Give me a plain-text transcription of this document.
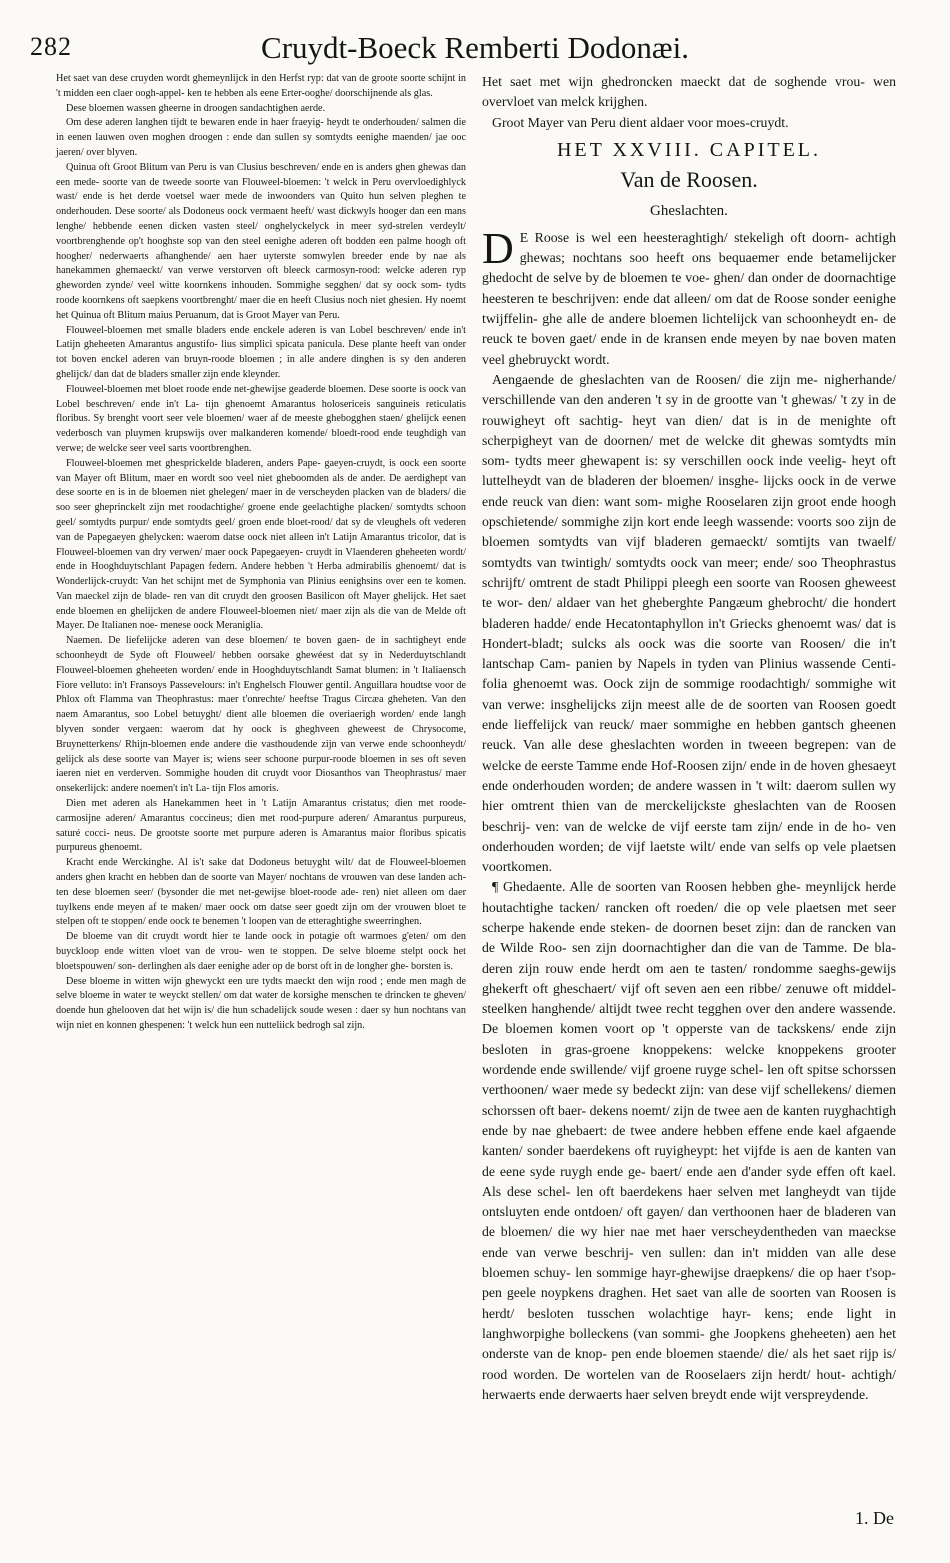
282	Cruydt-Boeck Remberti Dodonæi.

Het saet van dese cruyden wordt ghemeynlijck in den Herfst ryp: dat van de groote soorte schijnt in 't midden een claer oogh-appel- ken te hebben als eene Erter-ooghe/ doorschijnende als glas.

Dese bloemen wassen gheerne in droogen sandachtighen aerde.

Om dese aderen langhen tijdt te bewaren ende in haer fraeyig- heydt te onderhouden/ salmen die in eenen lauwen oven moghen droogen : ende dan sullen sy somtydts eenighe maenden/ jae ooc jaeren/ over blyven.

Quinua oft Groot Blitum van Peru is van Clusius beschreven/ ende en is anders ghen ghewas dan een mede- soorte van de tweede soorte van Flouweel-bloemen: 't welck in Peru overvloedighlyck wast/ ende is het derde voetsel waer mede de inwoonders van Quito hun selven pleghen te onderhouden. Dese soorte/ als Dodoneus oock vermaent heeft/ wast dickwyls hooger dan een mans lenghe/ hebbende eenen dicken vasten steel/ onghelyckelyck in meer syd-strelen verdeylt/ voortbrenghende op't hooghste sop van den steel eenighe aderen oft bodden een palme hoogh oft hoogher/ nederwaerts afhanghende/ aen haer uyterste somwylen breeder ende by nae als hanekammen ghemaeckt/ van verwe verstorven oft bleeck carmosyn-rood: welcke aderen ryp gheworden zynde/ veel witte koornkens inhouden. Sommighe segghen/ dat sy oock som- tydts roode koornkens oft saepkens voortbrenght/ maer die en heeft Clusius noch niet ghesien. Hy noemt het Quinua oft Blitum maius Peruanum, dat is Groot Mayer van Peru.

Flouweel-bloemen met smalle bladers ende enckele aderen is van Lobel beschreven/ ende in't Latijn gheheeten Amarantus angustifo- lius simplici spicata panicula. Dese plante heeft van onder tot boven enckel aderen van bruyn-roode bloemen ; in alle andere dinghen is sy den anderen ghelijck/ dan dat de bladers smaller zijn ende kleynder.

Flouweel-bloemen met bloet roode ende net-ghewijse geaderde bloemen. Dese soorte is oock van Lobel beschreven/ ende in't La- tijn ghenoemt Amarantus holosericeis sanguineis reticulatis floribus. Sy brenght voort seer vele bloemen/ waer af de meeste ghebogghen staen/ ghelijck eenen vederbosch van pluymen krupswijs over malkanderen komende/ bloedt-rood ende teughdigh van verwe; de welcke seer veel sarts voortbrenghen.

Flouweel-bloemen met ghesprickelde bladeren, anders Pape- gaeyen-cruydt, is oock een soorte van Mayer oft Blitum, maer en wordt soo veel niet gheboomden als de ander. De aerdighept van dese soorte en is in de bloemen niet ghelegen/ maer in de verscheyden placken van de bladers/ die soo seer gheprinckelt zijn met roodachtighe/ groene ende geelachtighe placken/ somtydts schoon geel/ somtydts purpur/ ende somtydts geel/ groen ende bloet-rood/ dat sy de vleughels oft vederen van de Papegaeyen ghelycken: waerom datse oock niet alleen in't Latijn Amarantus tricolor, dat is Flouweel-bloemen van dry verwen/ maer oock Papegaeyen- cruydt in Vlaenderen gheheeten wordt/ ende in Hooghduytschlant Papagen federn. Andere hebben 't Herba admirabilis ghenoemt/ dat is Wonderlijck-cruydt: Van het schijnt met de Symphonia van Plinius eenighsins over een te komen. Van maeckel zijn de blade- ren van dit cruydt den groosen Basilicon oft Mayer ghelijck. Het saet ende bloemen en ghelijcken de andere Flouweel-bloemen niet/ maer zijn als die van de Melde oft Mayer. De Italianen noe- menese oock Meraniglia.

Naemen. De liefelijcke aderen van dese bloemen/ te boven gaen- de in sachtigheyt ende schoonheydt de Syde oft Flouweel/ hebben oorsake ghewéest dat sy in Nederduytschlandt Flouweel-bloemen gheheeten worden/ ende in Hooghduytschlandt Samat blumen: in 't Italiaensch Fiore velluto: in't Fransoys Passevelours: in't Enghelsch Flouwer gentil. Anguillara houdtse voor de Phlox oft Flamma van Theophrastus: maer t'onrechte/ heeftse Tragus Circæa gheheten. Van den naem Amarantus, soo Lobel betuyght/ dient alle bloemen die overiaerigh worden/ ende langh blyven sonder vergaen: waerom dat hy oock is gheghveen gheweest de Chrysocome, Bruynetterkens/ Rhijn-bloemen ende andere die vasthoudende zijn van verwe ende schoonheydt/ gelijck als dese soorte van Mayer is; wiens seer schoone purpur-roode bloemen in ses oft seven iaeren niet en verderven. Sommighe houden dit cruydt voor Diosanthos van Theophrastus/ maer onsekerlijck: andere noemen't in't La- tijn Flos amoris.

Dien met aderen als Hanekammen heet in 't Latijn Amarantus cristatus; dien met roode-carmosijne aderen/ Amarantus coccineus; dien met rood-purpure aderen/ Amarantus purpureus, saturé cocci- neus. De grootste soorte met purpure aderen is Amarantus maior floribus spicatis purpureus ghenoemt.

Kracht ende Werckinghe. Al is't sake dat Dodoneus betuyght wilt/ dat de Flouweel-bloemen anders ghen kracht en hebben dan de soorte van Mayer/ nochtans de vrouwen van dese landen ach- ten dese bloemen seer/ (bysonder die met net-gewijse bloet-roode ade- ren) niet alleen om daer tuylkens ende meyen af te maken/ maer oock om datse seer goedt zijn om der vrouwen bloet te stelpen oft te stoppen/ ende oock te benemen 't loopen van de etteraghtighe sweerringhen.

De bloeme van dit cruydt wordt hier te lande oock in potagie oft warmoes g'eten/ om den buyckloop ende witten vloet van de vrou- wen te stoppen. De selve bloeme stelpt oock het bloetspouwen/ son- derlinghen als daer eenighe ader op de borst oft in de longher ghe- borsten is.

Dese bloeme in witten wijn ghewyckt een ure tydts maeckt den wijn rood ; ende men magh de selve bloeme in water te weyckt stellen/ om dat water de korsighe menschen te drincken te gheven/ doende hun ghelooven dat het wijn is/ die hun schadelijck soude wesen : daer sy hun nochtans van wijn niet en konnen ghespenen: 't welck hun een nutteliick bedrogh sal zijn.

Het saet met wijn ghedroncken maeckt dat de soghende vrou- wen overvloet van melck krijghen.

Groot Mayer van Peru dient aldaer voor moes-cruydt.

HET XXVIII. CAPITEL.
Van de Roosen.
Gheslachten.

D E Roose is wel een heesteraghtigh/ stekeligh oft doorn- achtigh ghewas; nochtans soo heeft ons bequaemer ende betamelijcker ghedocht de selve by de bloemen te voe- ghen/ dan onder de doornachtige heesteren te beschrijven: ende dat alleen/ om dat de Roose sonder eenighe twijffelin- ghe alle de andere bloemen lichtelijck van schoonheydt en- de reuck te boven gaet/ ende in de kransen ende meyen by nae boven maten veel ghebruyckt wordt.

Aengaende de gheslachten van de Roosen/ die zijn me- nigherhande/ verschillende van den anderen 't sy in de grootte van 't ghewas/ 't zy in de rouwigheyt oft sachtig- heyt van dien/ dat is in de menighte oft scherpigheyt van de doornen/ met de welcke dit ghewas somtydts min som- tydts meer ghewapent is: sy verschillen oock inde veelig- heyt oft luttelheydt van de bladeren der bloemen/ insghe- lijcks oock in de verwe ende reuck van dien: want som- mighe Rooselaren zijn groot ende hoogh opschietende/ sommighe zijn kort ende leegh wassende: voorts soo zijn de bloemen somtydts van vijf bladeren gemaeckt/ somtijts van twaelf/ somtydts van twintigh/ somtydts oock van meer; ende/ soo Theophrastus schrijft/ omtrent de stadt Philippi pleegh een soorte van Roosen gheweest te wor- den/ aldaer van het gheberghte Pangæum ghebrocht/ die hondert bladeren hadde/ ende Hecatontaphyllon in't Griecks ghenoemt was/ dat is Hondert-bladt; sulcks als oock was die soorte van Roosen/ die in't lantschap Cam- panien by Napels in tyden van Plinius wassende Centi- folia ghenoemt was. Oock zijn de sommige roodachtigh/ sommighe wit van verwe: insghelijcks zijn meest alle de de soorten van Roosen goedt ende lieffelijck van reuck/ maer sommighe en hebben gantsch gheenen reuck. Van alle dese gheslachten worden in tweeen begrepen: van de welcke de eerste Tamme ende Hof-Roosen zijn/ ende in de hoven ghesaeyt ende onderhouden worden; de andere wassen in 't wilt: daerom sullen wy hier omtrent thien van de merckelijckste gheslachten van de Roosen beschrij- ven: van de welcke de vijf eerste tam zijn/ ende in de ho- ven onderhouden worden; de vijf laetste wilt/ ende van selfs op vele plaetsen voortkomen.

¶ Ghedaente. Alle de soorten van Roosen hebben ghe- meynlijck herde houtachtighe tacken/ rancken oft roeden/ die op vele plaetsen met seer scherpe hakende ende steken- de doornen beset zijn: dan de rancken van de Wilde Roo- sen zijn doornachtigher dan die van de Tamme. De bla- deren zijn rouw ende herdt om aen te tasten/ rondomme saeghs-gewijs ghekerft oft gheschaert/ vijf oft seven aen een ribbe/ zenuwe oft middel-steelken hanghende/ altijdt twee recht tegghen over den andere wassende. De bloemen komen voort op 't opperste van de tackskens/ ende zijn besloten in gras-groene knoppekens: welcke knoppekens grooter wordende ende swillende/ vijf groene ruyge schel- len oft spitse schorssen verthoonen/ waer mede sy bedeckt zijn: van dese vijf schellekens/ diemen schorssen oft baer- dekens noemt/ zijn de twee aen de kanten ruyghachtigh ende by nae ghebaert: de twee andere hebben effene ende kael afgaende kanten/ sonder baerdekens oft ruyigheypt: het vijfde is aen de kanten van de eene syde ruygh ende ge- baert/ ende aen d'ander syde effen oft kael. Als dese schel- len oft baerdekens haer selven met langheydt van tijde ontsluyten ende ontdoen/ oft gayen/ dan verthoonen haer de bladeren van de bloemen/ die wy hier nae met haer verscheydentheden van maeckse ende van verwe beschrij- ven sullen: dan in't midden van alle dese bloemen schuy- len sommige hayr-ghewijse draepkens/ die op haer t'sop- pen geele noypkens draghen. Het saet van alle de soorten van Roosen is herdt/ besloten tusschen wolachtige hayr- kens; ende light in langhworpighe bolleckens (van sommi- ghe Joopkens gheheeten) aen het onderste van de knop- pen ende bloemen staende/ die/ als het saet rijp is/ rood worden. De wortelen van de Rooselaers zijn herdt/ hout- achtigh/ herwaerts ende derwaerts haer selven breydt ende wijt verspreydende.

1. De
